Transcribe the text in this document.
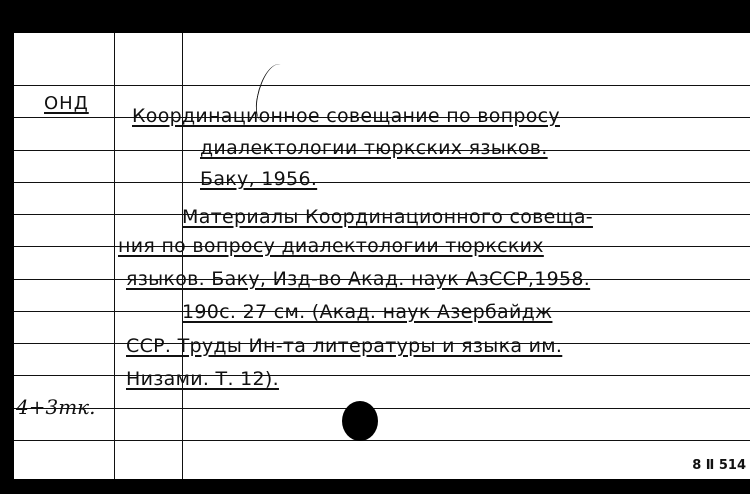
ОНД
Координационное совещание по вопросу
диалектологии тюркских языков.
Баку, 1956.
Материалы Координационного совеща-
ния по вопросу диалектологии тюркских
языков. Баку, Изд-во Акад. наук АзССР,1958.
190с. 27 см. (Акад. наук Азербайдж
ССР. Труды Ин-та литературы и языка им.
Низами. Т. 12).
4+3тк.
8 Ⅱ 514
